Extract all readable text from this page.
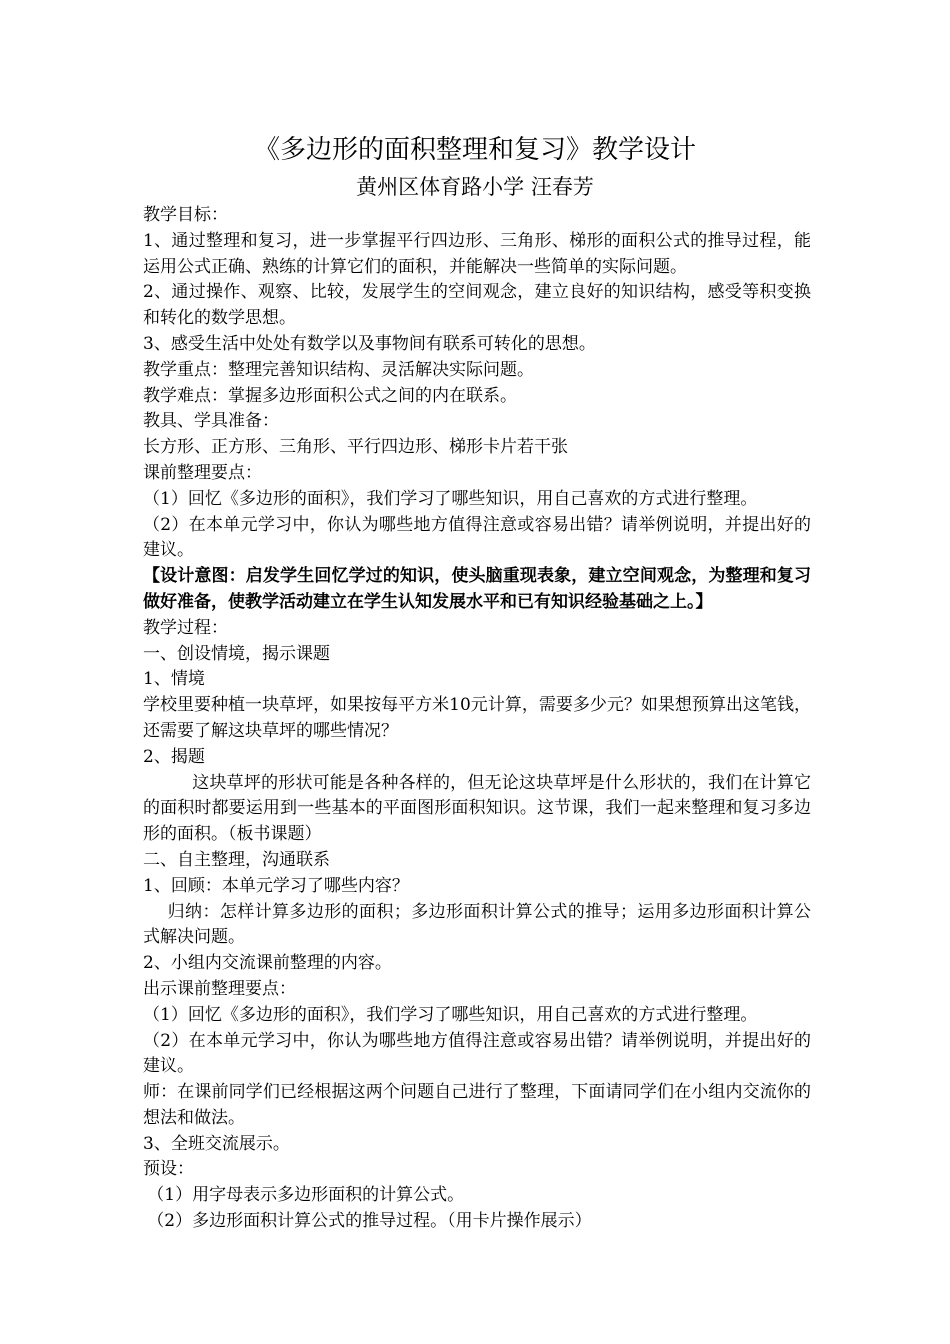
《多边形的面积整理和复习》教学设计
黄州区体育路小学 汪春芳

教学目标：

1、通过整理和复习，进一步掌握平行四边形、三角形、梯形的面积公式的推导过程，能运用公式正确、熟练的计算它们的面积，并能解决一些简单的实际问题。

2、通过操作、观察、比较，发展学生的空间观念，建立良好的知识结构，感受等积变换和转化的数学思想。

3、感受生活中处处有数学以及事物间有联系可转化的思想。

教学重点：整理完善知识结构、灵活解决实际问题。

教学难点：掌握多边形面积公式之间的内在联系。

教具、学具准备：

长方形、正方形、三角形、平行四边形、梯形卡片若干张

课前整理要点：

（1）回忆《多边形的面积》，我们学习了哪些知识，用自己喜欢的方式进行整理。

（2）在本单元学习中，你认为哪些地方值得注意或容易出错？请举例说明，并提出好的建议。

【设计意图：启发学生回忆学过的知识，使头脑重现表象，建立空间观念，为整理和复习做好准备，使教学活动建立在学生认知发展水平和已有知识经验基础之上。】

教学过程：

一、创设情境，揭示课题

1、情境

学校里要种植一块草坪，如果按每平方米10元计算，需要多少元？如果想预算出这笔钱，还需要了解这块草坪的哪些情况？

2、揭题

这块草坪的形状可能是各种各样的，但无论这块草坪是什么形状的，我们在计算它的面积时都要运用到一些基本的平面图形面积知识。这节课，我们一起来整理和复习多边形的面积。（板书课题）

二、自主整理，沟通联系

1、回顾：本单元学习了哪些内容？

归纳：怎样计算多边形的面积；多边形面积计算公式的推导；运用多边形面积计算公式解决问题。

2、小组内交流课前整理的内容。

出示课前整理要点：

（1）回忆《多边形的面积》，我们学习了哪些知识，用自己喜欢的方式进行整理。

（2）在本单元学习中，你认为哪些地方值得注意或容易出错？请举例说明，并提出好的建议。

师：在课前同学们已经根据这两个问题自己进行了整理，下面请同学们在小组内交流你的想法和做法。

3、全班交流展示。

预设：

（1）用字母表示多边形面积的计算公式。

（2）多边形面积计算公式的推导过程。（用卡片操作展示）
